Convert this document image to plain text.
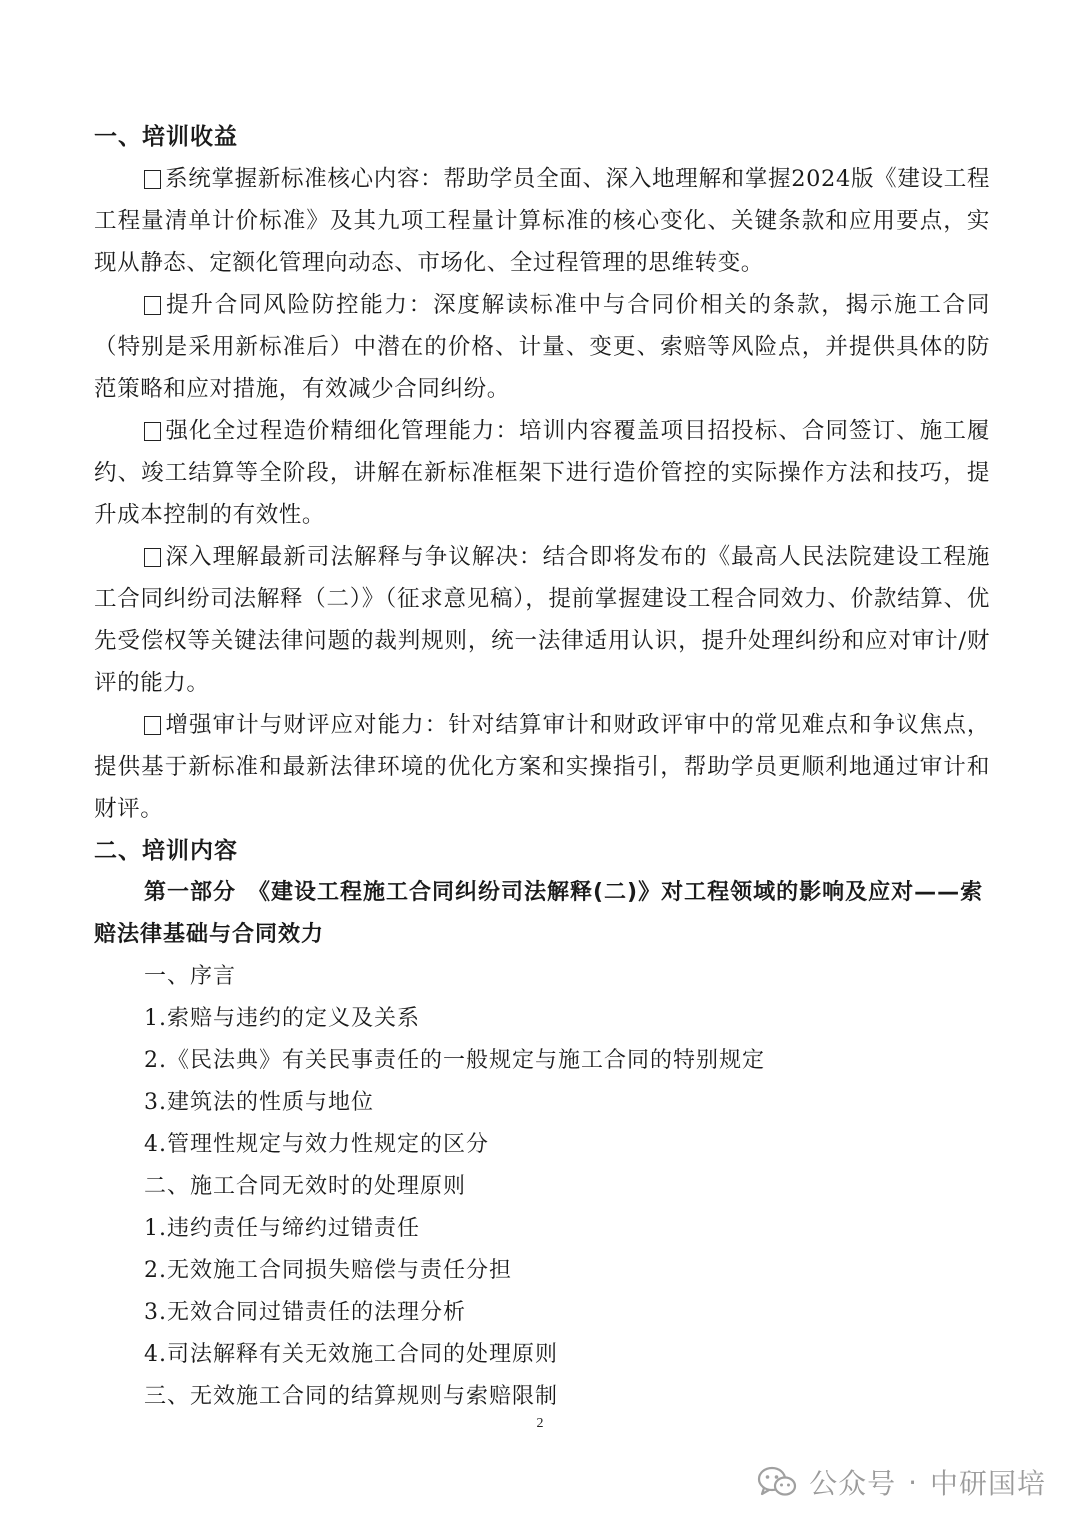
一、培训收益

系统掌握新标准核心内容：帮助学员全面、深入地理解和掌握2024版《建设工程工程量清单计价标准》及其九项工程量计算标准的核心变化、关键条款和应用要点，实现从静态、定额化管理向动态、市场化、全过程管理的思维转变。

提升合同风险防控能力：深度解读标准中与合同价相关的条款，揭示施工合同（特别是采用新标准后）中潜在的价格、计量、变更、索赔等风险点，并提供具体的防范策略和应对措施，有效减少合同纠纷。

强化全过程造价精细化管理能力：培训内容覆盖项目招投标、合同签订、施工履约、竣工结算等全阶段，讲解在新标准框架下进行造价管控的实际操作方法和技巧，提升成本控制的有效性。

深入理解最新司法解释与争议解决：结合即将发布的《最高人民法院建设工程施工合同纠纷司法解释（二）》（征求意见稿），提前掌握建设工程合同效力、价款结算、优先受偿权等关键法律问题的裁判规则，统一法律适用认识，提升处理纠纷和应对审计/财评的能力。

增强审计与财评应对能力：针对结算审计和财政评审中的常见难点和争议焦点，提供基于新标准和最新法律环境的优化方案和实操指引，帮助学员更顺利地通过审计和财评。

二、培训内容

第一部分　《建设工程施工合同纠纷司法解释(二)》对工程领域的影响及应对——索赔法律基础与合同效力

一、序言

1.索赔与违约的定义及关系

2.《民法典》有关民事责任的一般规定与施工合同的特别规定

3.建筑法的性质与地位

4.管理性规定与效力性规定的区分

二、施工合同无效时的处理原则

1.违约责任与缔约过错责任

2.无效施工合同损失赔偿与责任分担

3.无效合同过错责任的法理分析

4.司法解释有关无效施工合同的处理原则

三、无效施工合同的结算规则与索赔限制

2
公众号 · 中研国培
